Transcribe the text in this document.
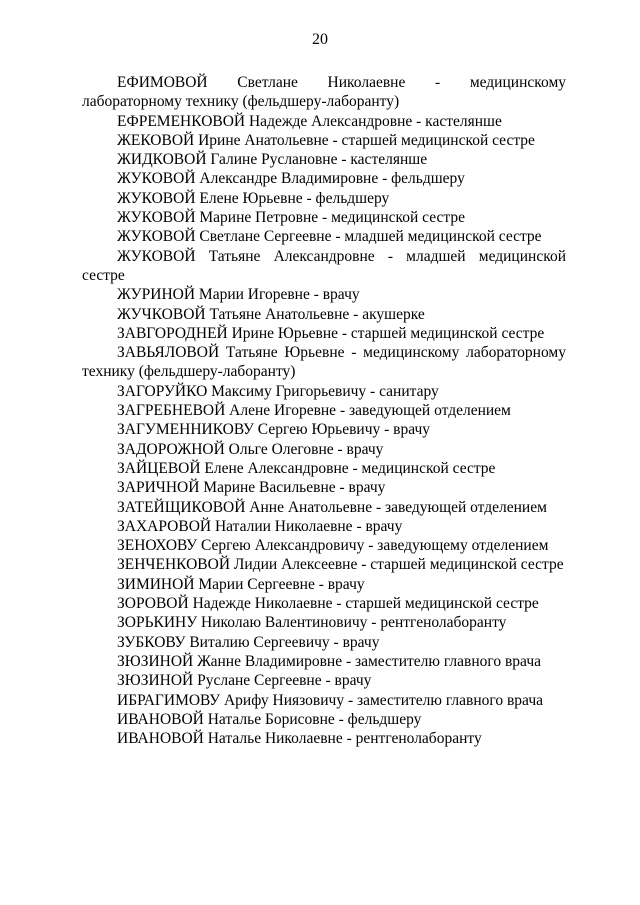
20

ЕФИМОВОЙ Светлане Николаевне - медицинскому лабораторному технику (фельдшеру-лаборанту)

ЕФРЕМЕНКОВОЙ Надежде Александровне - кастелянше

ЖЕКОВОЙ Ирине Анатольевне - старшей медицинской сестре

ЖИДКОВОЙ Галине Руслановне - кастелянше

ЖУКОВОЙ Александре Владимировне - фельдшеру

ЖУКОВОЙ Елене Юрьевне - фельдшеру

ЖУКОВОЙ Марине Петровне - медицинской сестре

ЖУКОВОЙ Светлане Сергеевне - младшей медицинской сестре

ЖУКОВОЙ Татьяне Александровне - младшей медицинской сестре

ЖУРИНОЙ Марии Игоревне - врачу

ЖУЧКОВОЙ Татьяне Анатольевне - акушерке

ЗАВГОРОДНЕЙ Ирине Юрьевне - старшей медицинской сестре

ЗАВЬЯЛОВОЙ Татьяне Юрьевне - медицинскому лабораторному технику (фельдшеру-лаборанту)

ЗАГОРУЙКО Максиму Григорьевичу - санитару

ЗАГРЕБНЕВОЙ Алене Игоревне - заведующей отделением

ЗАГУМЕННИКОВУ Сергею Юрьевичу - врачу

ЗАДОРОЖНОЙ Ольге Олеговне - врачу

ЗАЙЦЕВОЙ Елене Александровне - медицинской сестре

ЗАРИЧНОЙ Марине Васильевне - врачу

ЗАТЕЙЩИКОВОЙ Анне Анатольевне - заведующей отделением

ЗАХАРОВОЙ Наталии Николаевне - врачу

ЗЕНОХОВУ Сергею Александровичу - заведующему отделением

ЗЕНЧЕНКОВОЙ Лидии Алексеевне - старшей медицинской сестре

ЗИМИНОЙ Марии Сергеевне - врачу

ЗОРОВОЙ Надежде Николаевне - старшей медицинской сестре

ЗОРЬКИНУ Николаю Валентиновичу - рентгенолаборанту

ЗУБКОВУ Виталию Сергеевичу - врачу

ЗЮЗИНОЙ Жанне Владимировне - заместителю главного врача

ЗЮЗИНОЙ Руслане Сергеевне - врачу

ИБРАГИМОВУ Арифу Ниязовичу - заместителю главного врача

ИВАНОВОЙ Наталье Борисовне - фельдшеру

ИВАНОВОЙ Наталье Николаевне - рентгенолаборанту
